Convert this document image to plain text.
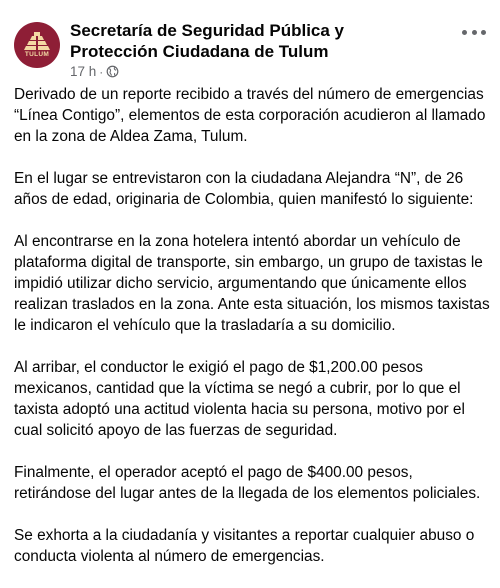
TULUM
Secretaría de Seguridad Pública y Protección Ciudadana de Tulum
17 h ·

Derivado de un reporte recibido a través del número de emergencias “Línea Contigo”, elementos de esta corporación acudieron al llamado en la zona de Aldea Zama, Tulum.

En el lugar se entrevistaron con la ciudadana Alejandra “N”, de 26 años de edad, originaria de Colombia, quien manifestó lo siguiente:

Al encontrarse en la zona hotelera intentó abordar un vehículo de plataforma digital de transporte, sin embargo, un grupo de taxistas le impidió utilizar dicho servicio, argumentando que únicamente ellos realizan traslados en la zona. Ante esta situación, los mismos taxistas le indicaron el vehículo que la trasladaría a su domicilio.

Al arribar, el conductor le exigió el pago de $1,200.00 pesos mexicanos, cantidad que la víctima se negó a cubrir, por lo que el taxista adoptó una actitud violenta hacia su persona, motivo por el cual solicitó apoyo de las fuerzas de seguridad.

Finalmente, el operador aceptó el pago de $400.00 pesos, retirándose del lugar antes de la llegada de los elementos policiales.

Se exhorta a la ciudadanía y visitantes a reportar cualquier abuso o conducta violenta al número de emergencias.
